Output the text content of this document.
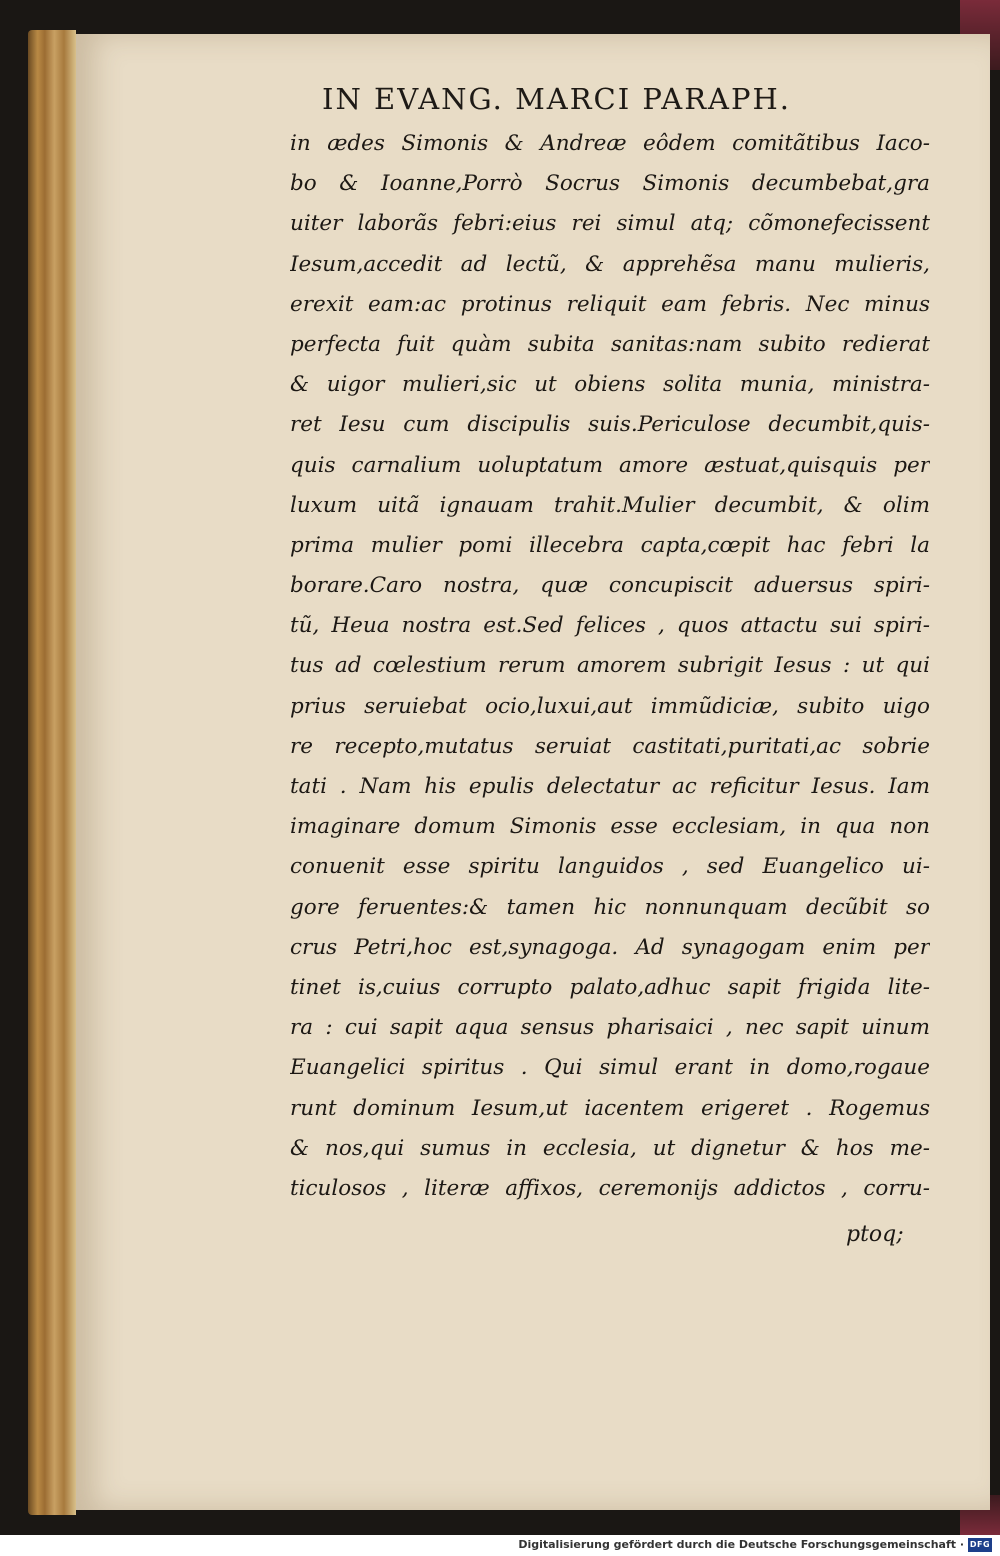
IN EVANG. MARCI PARAPH.
in ædes Simonis & Andreæ eôdem comitãtibus Iaco-
bo & Ioanne,Porrò Socrus Simonis decumbebat,gra
uiter laborãs febri:eius rei simul atq; cõmonefecissent
Iesum,accedit ad lectũ, & apprehẽsa manu mulieris,
erexit eam:ac protinus reliquit eam febris. Nec minus
perfecta fuit quàm subita sanitas:nam subito redierat
& uigor mulieri,sic ut obiens solita munia, ministra-
ret Iesu cum discipulis suis.Periculose decumbit,quis-
quis carnalium uoluptatum amore æstuat,quisquis per
luxum uitã ignauam trahit.Mulier decumbit, & olim
prima mulier pomi illecebra capta,cœpit hac febri la
borare.Caro nostra, quæ concupiscit aduersus spiri-
tũ, Heua nostra est.Sed felices , quos attactu sui spiri-
tus ad cœlestium rerum amorem subrigit Iesus : ut qui
prius seruiebat ocio,luxui,aut immũdiciæ, subito uigo
re recepto,mutatus seruiat castitati,puritati,ac sobrie
tati . Nam his epulis delectatur ac reficitur Iesus. Iam
imaginare domum Simonis esse ecclesiam, in qua non
conuenit esse spiritu languidos , sed Euangelico ui-
gore feruentes:& tamen hic nonnunquam decũbit so
crus Petri,hoc est,synagoga. Ad synagogam enim per
tinet is,cuius corrupto palato,adhuc sapit frigida lite-
ra : cui sapit aqua sensus pharisaici , nec sapit uinum
Euangelici spiritus . Qui simul erant in domo,rogaue
runt dominum Iesum,ut iacentem erigeret . Rogemus
& nos,qui sumus in ecclesia, ut dignetur & hos me-
ticulosos , literæ affixos, ceremonijs addictos , corru-
ptoq;
Digitalisierung gefördert durch die Deutsche Forschungsgemeinschaft · DFG
